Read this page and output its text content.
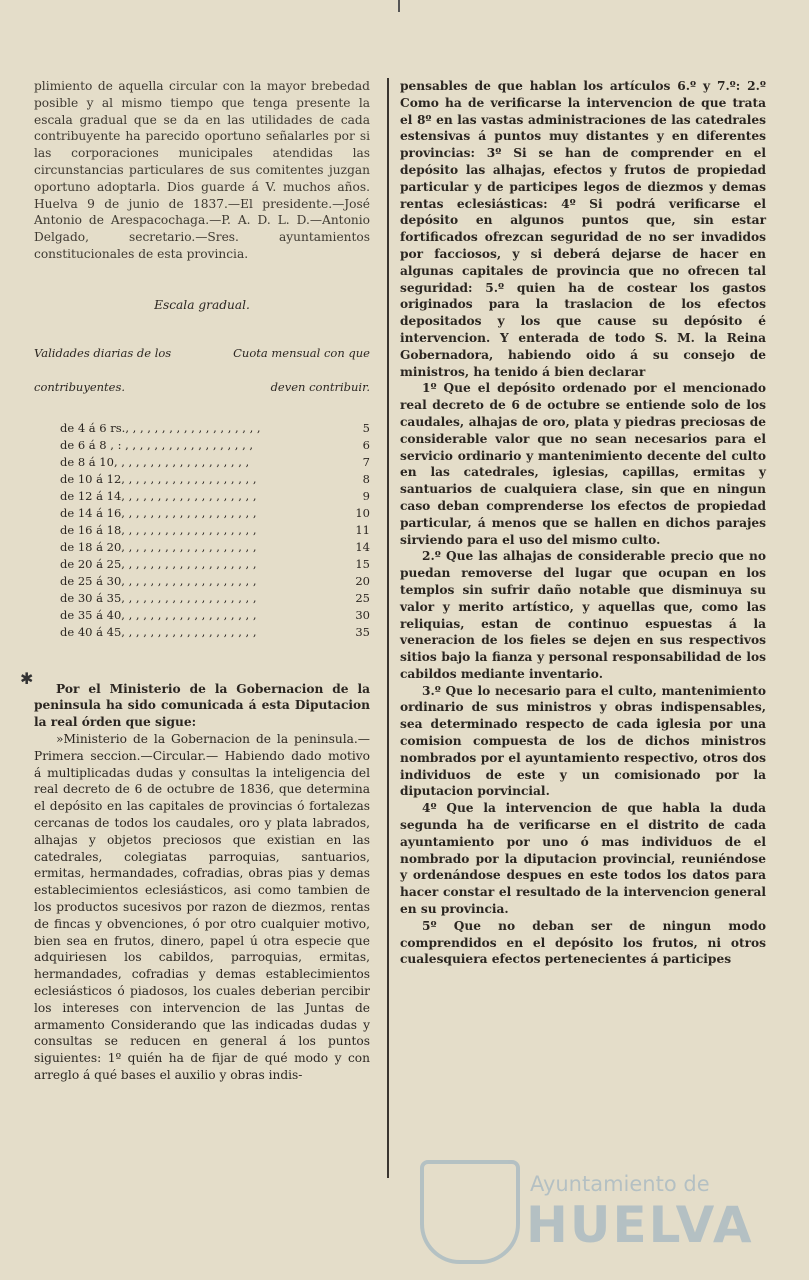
plimiento de aquella circular con la mayor brebedad posible y al mismo tiempo que tenga presente la escala gradual que se da en las utilidades de cada contribuyente ha parecido oportuno señalarles por si las corporaciones municipales atendidas las circunstancias particulares de sus comitentes juzgan oportuno adoptarla. Dios guarde á V. muchos años. Huelva 9 de junio de 1837.—El presidente.—José Antonio de Arespacochaga.—P. A. D. L. D.—Antonio Delgado, secretario.—Sres. ayuntamientos constitucionales de esta provincia.

Escala gradual.
Validades diarias de los contribuyentes.
Cuota mensual con que deven contribuir.
de 4 á 6 rs., , , , , , , , , , , , , , , , , , ,	5
de 6 á 8 , : , , , , , , , , , , , , , , , , , ,	6
de 8 á 10, , , , , , , , , , , , , , , , , , ,	7
de 10 á 12, , , , , , , , , , , , , , , , , , ,	8
de 12 á 14, , , , , , , , , , , , , , , , , , ,	9
de 14 á 16, , , , , , , , , , , , , , , , , , ,	10
de 16 á 18, , , , , , , , , , , , , , , , , , ,	11
de 18 á 20, , , , , , , , , , , , , , , , , , ,	14
de 20 á 25, , , , , , , , , , , , , , , , , , ,	15
de 25 á 30, , , , , , , , , , , , , , , , , , ,	20
de 30 á 35, , , , , , , , , , , , , , , , , , ,	25
de 35 á 40, , , , , , , , , , , , , , , , , , ,	30
de 40 á 45, , , , , , , , , , , , , , , , , , ,	35

Por el Ministerio de la Gobernacion de la peninsula ha sido comunicada á esta Diputacion la real órden que sigue:

»Ministerio de la Gobernacion de la peninsula.—Primera seccion.—Circular.— Habiendo dado motivo á multiplicadas dudas y consultas la inteligencia del real decreto de 6 de octubre de 1836, que determina el depósito en las capitales de provincias ó fortalezas cercanas de todos los caudales, oro y plata labrados, alhajas y objetos preciosos que existian en las catedrales, colegiatas parroquias, santuarios, ermitas, hermandades, cofradias, obras pias y demas establecimientos eclesiásticos, asi como tambien de los productos sucesivos por razon de diezmos, rentas de fincas y obvenciones, ó por otro cualquier motivo, bien sea en frutos, dinero, papel ú otra especie que adquiriesen los cabildos, parroquias, ermitas, hermandades, cofradias y demas establecimientos eclesiásticos ó piadosos, los cuales deberian percibir los intereses con intervencion de las Juntas de armamento Considerando que las indicadas dudas y consultas se reducen en general á los puntos siguientes: 1º quién ha de fijar de qué modo y con arreglo á qué bases el auxilio y obras indis-

✱

pensables de que hablan los artículos 6.º y 7.º: 2.º Como ha de verificarse la intervencion de que trata el 8º en las vastas administraciones de las catedrales estensivas á puntos muy distantes y en diferentes provincias: 3º Si se han de comprender en el depósito las alhajas, efectos y frutos de propiedad particular y de participes legos de diezmos y demas rentas eclesiásticas: 4º Si podrá verificarse el depósito en algunos puntos que, sin estar fortificados ofrezcan seguridad de no ser invadidos por facciosos, y si deberá dejarse de hacer en algunas capitales de provincia que no ofrecen tal seguridad: 5.º quien ha de costear los gastos originados para la traslacion de los efectos depositados y los que cause su depósito é intervencion. Y enterada de todo S. M. la Reina Gobernadora, habiendo oido á su consejo de ministros, ha tenido á bien declarar

1º Que el depósito ordenado por el mencionado real decreto de 6 de octubre se entiende solo de los caudales, alhajas de oro, plata y piedras preciosas de considerable valor que no sean necesarios para el servicio ordinario y mantenimiento decente del culto en las catedrales, iglesias, capillas, ermitas y santuarios de cualquiera clase, sin que en ningun caso deban comprenderse los efectos de propiedad particular, á menos que se hallen en dichos parajes sirviendo para el uso del mismo culto.

2.º Que las alhajas de considerable precio que no puedan removerse del lugar que ocupan en los templos sin sufrir daño notable que disminuya su valor y merito artístico, y aquellas que, como las reliquias, estan de continuo espuestas á la veneracion de los fieles se dejen en sus respectivos sitios bajo la fianza y personal responsabilidad de los cabildos mediante inventario.

3.º Que lo necesario para el culto, mantenimiento ordinario de sus ministros y obras indispensables, sea determinado respecto de cada iglesia por una comision compuesta de los de dichos ministros nombrados por el ayuntamiento respectivo, otros dos individuos de este y un comisionado por la diputacion porvincial.

4º Que la intervencion de que habla la duda segunda ha de verificarse en el distrito de cada ayuntamiento por uno ó mas individuos de el nombrado por la diputacion provincial, reuniéndose y ordenándose despues en este todos los datos para hacer constar el resultado de la intervencion general en su provincia.

5º Que no deban ser de ningun modo comprendidos en el depósito los frutos, ni otros cualesquiera efectos pertenecientes á participes

Ayuntamiento de
HUELVA
